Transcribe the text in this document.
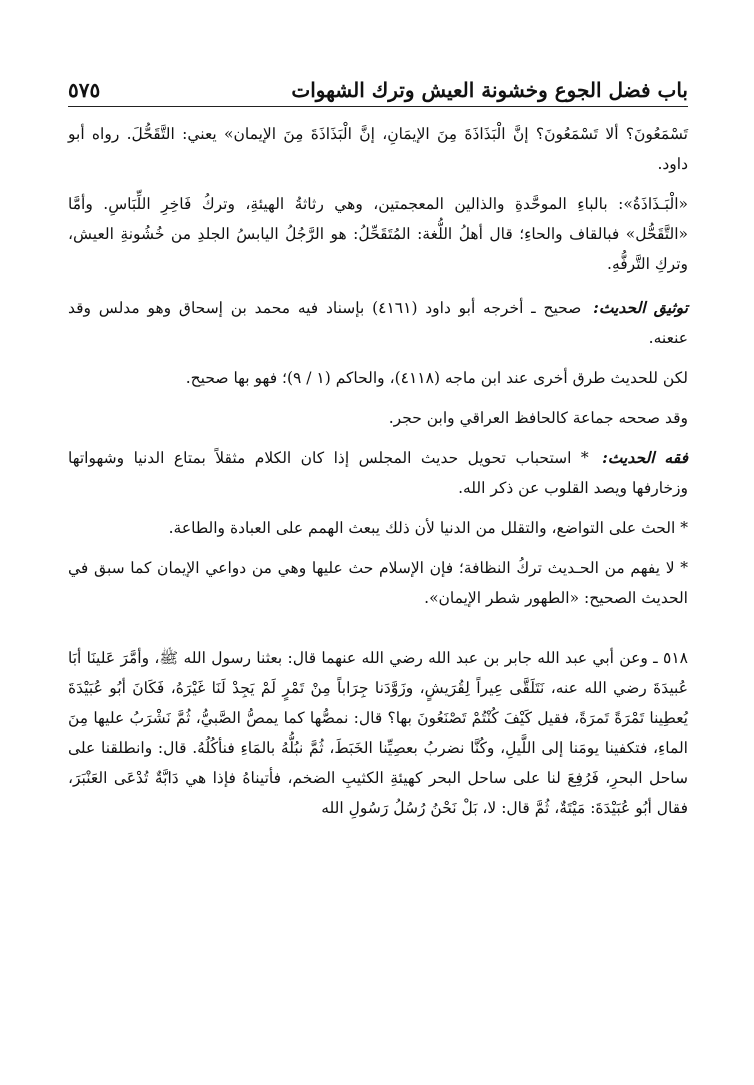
باب فضل الجوع وخشونة العيش وترك الشهوات
٥٧٥

تَسْمَعُونَ؟ ألا تَسْمَعُونَ؟ إنَّ الْبَذَاذَةَ مِنَ الإيمَانِ، إنَّ الْبَذَاذَةَ مِنَ الإيمان» يعني: التَّقَحُّلَ. رواه أبو داود.

«الْبَـذَاذَةُ»: بالباءِ الموحَّدةِ والذالين المعجمتين، وهي رثاثةُ الهيئةِ، وتركُ فَاخِرِ اللِّبَاسِ. وأمَّا «التَّقَحُّل» فبالقاف والحاءِ؛ قال أهلُ اللُّغة: المُتَقَحِّلُ: هو الرَّجُلُ اليابسُ الجلدِ من خُشُونةِ العيش، وتركِ التَّرفُّهِ.

توثيق الحديث: صحيح ـ أخرجه أبو داود (٤١٦١) بإسناد فيه محمد بن إسحاق وهو مدلس وقد عنعنه.

لكن للحديث طرق أخرى عند ابن ماجه (٤١١٨)، والحاكم (١ / ٩)؛ فهو بها صحيح.

وقد صححه جماعة كالحافظ العراقي وابن حجر.

فقه الحديث: * استحباب تحويل حديث المجلس إذا كان الكلام مثقلاً بمتاع الدنيا وشهواتها وزخارفها ويصد القلوب عن ذكر الله.

* الحث على التواضع، والتقلل من الدنيا لأن ذلك يبعث الهمم على العبادة والطاعة.

* لا يفهم من الحـديث تركُ النظافة؛ فإن الإسلام حث عليها وهي من دواعي الإيمان كما سبق في الحديث الصحيح: «الطهور شطر الإيمان».

٥١٨ ـ وعن أبي عبد الله جابر بن عبد الله رضي الله عنهما قال: بعثنا رسول الله ﷺ، وأمَّرَ عَلينَا أبَا عُبيدَةَ رضي الله عنه، نَتَلَقَّى عِيراً لِقُرَيشٍ، وزَوَّدَنا جِرَاباً مِنْ تَمْرٍ لَمْ يَجِدْ لَنَا غَيْرَهُ، فَكَانَ أبُو عُبَيْدَةَ يُعطِينا تَمْرَةً تَمرَةً، فقيل كَيْفَ كُنْتُمْ تَصْنَعُونَ بها؟ قال: نمصُّها كما يمصُّ الصَّبيُّ، ثُمَّ نَشْرَبُ عليها مِنَ الماءِ، فتكفينا يومَنا إلى اللَّيلِ، وكُنَّا نضربُ بعصِيِّنا الخَبَطَ، ثُمَّ نبُلُّهُ بالمَاءِ فنأكُلُهُ. قال: وانطلقنا على ساحل البحرِ، فَرُفِعَ لنا على ساحل البحر كهيئةِ الكثيبِ الضخم، فأتيناهُ فإذا هي دَابَّةٌ تُدْعَى العَنْبَرَ، فقال أبُو عُبَيْدَةَ: مَيْتَةٌ، ثُمَّ قال: لا، بَلْ نَحْنُ رُسُلُ رَسُولِ الله
